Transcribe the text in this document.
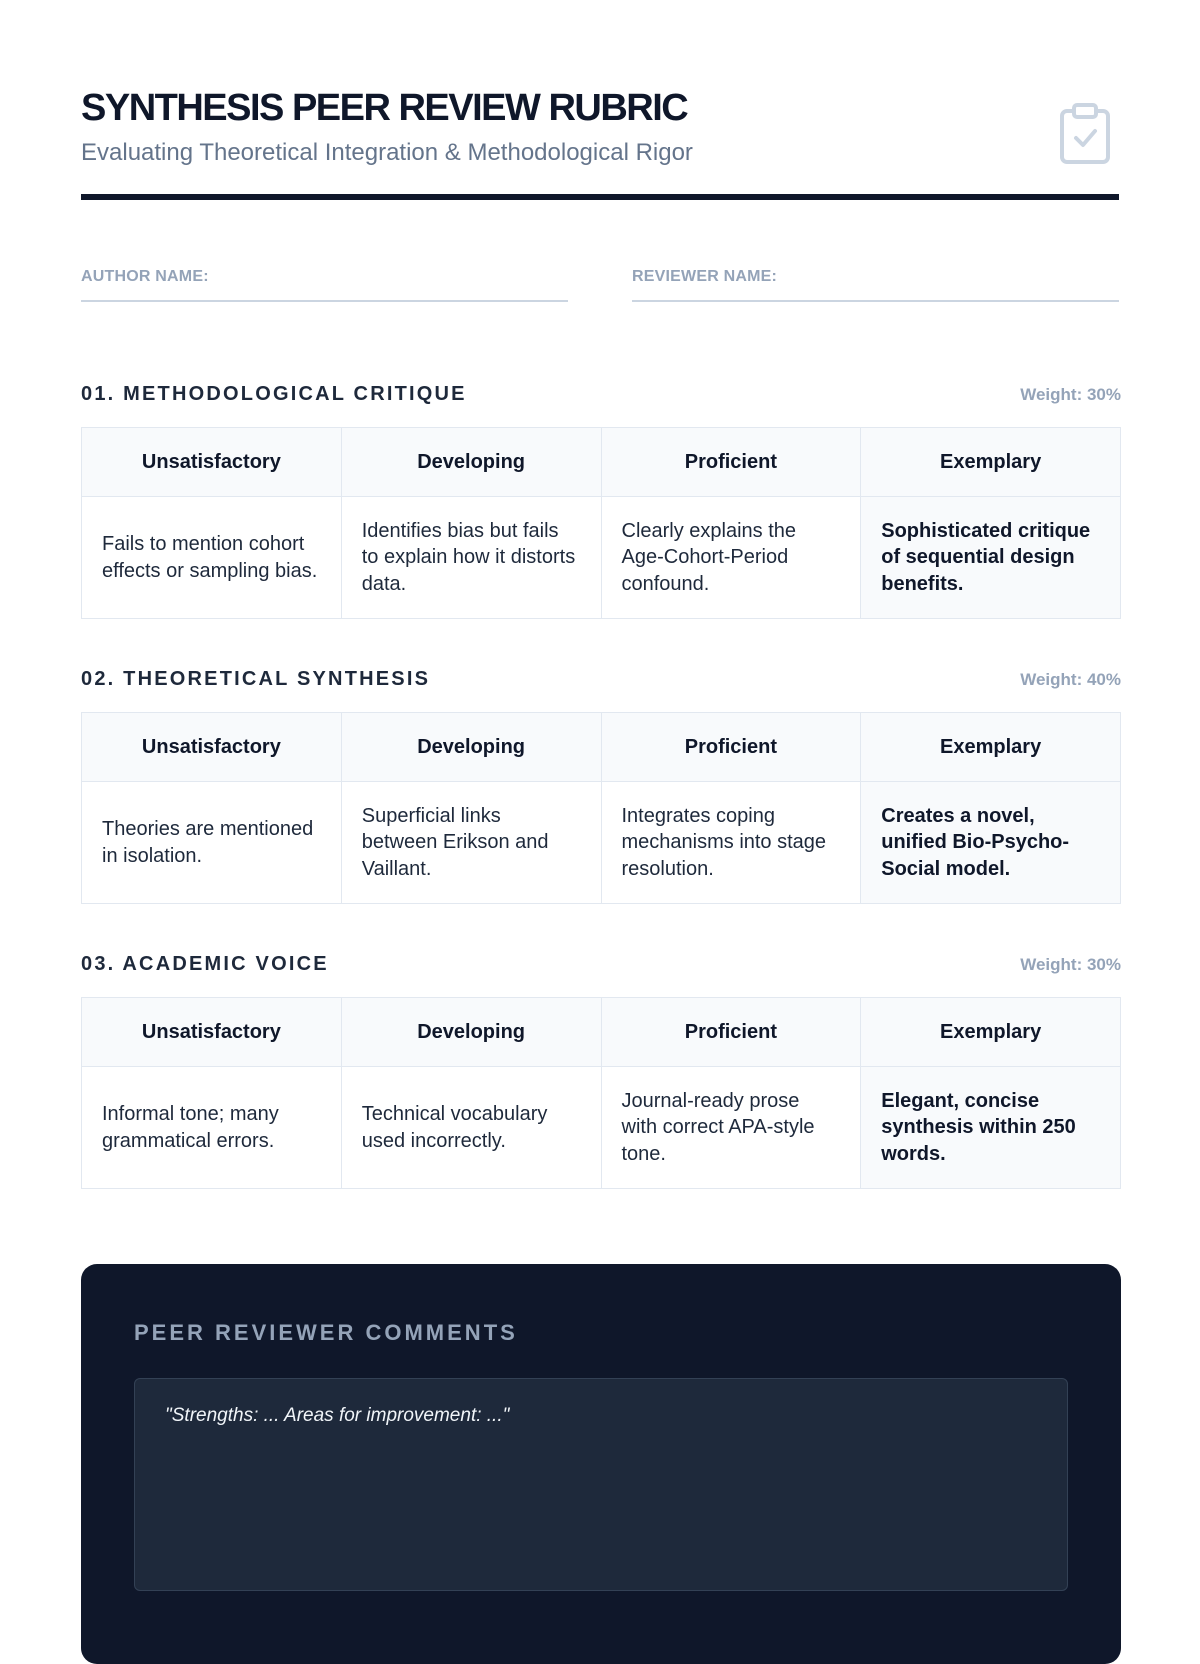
SYNTHESIS PEER REVIEW RUBRIC
Evaluating Theoretical Integration & Methodological Rigor
AUTHOR NAME:	REVIEWER NAME:
01. METHODOLOGICAL CRITIQUE	Weight: 30%
Unsatisfactory	Developing	Proficient	Exemplary
Fails to mention cohort effects or sampling bias.	Identifies bias but fails to explain how it distorts data.	Clearly explains the Age-Cohort-Period confound.	Sophisticated critique of sequential design benefits.
02. THEORETICAL SYNTHESIS	Weight: 40%
Unsatisfactory	Developing	Proficient	Exemplary
Theories are mentioned in isolation.	Superficial links between Erikson and Vaillant.	Integrates coping mechanisms into stage resolution.	Creates a novel, unified Bio-Psycho-Social model.
03. ACADEMIC VOICE	Weight: 30%
Unsatisfactory	Developing	Proficient	Exemplary
Informal tone; many grammatical errors.	Technical vocabulary used incorrectly.	Journal-ready prose with correct APA-style tone.	Elegant, concise synthesis within 250 words.
PEER REVIEWER COMMENTS
"Strengths: ... Areas for improvement: ..."
